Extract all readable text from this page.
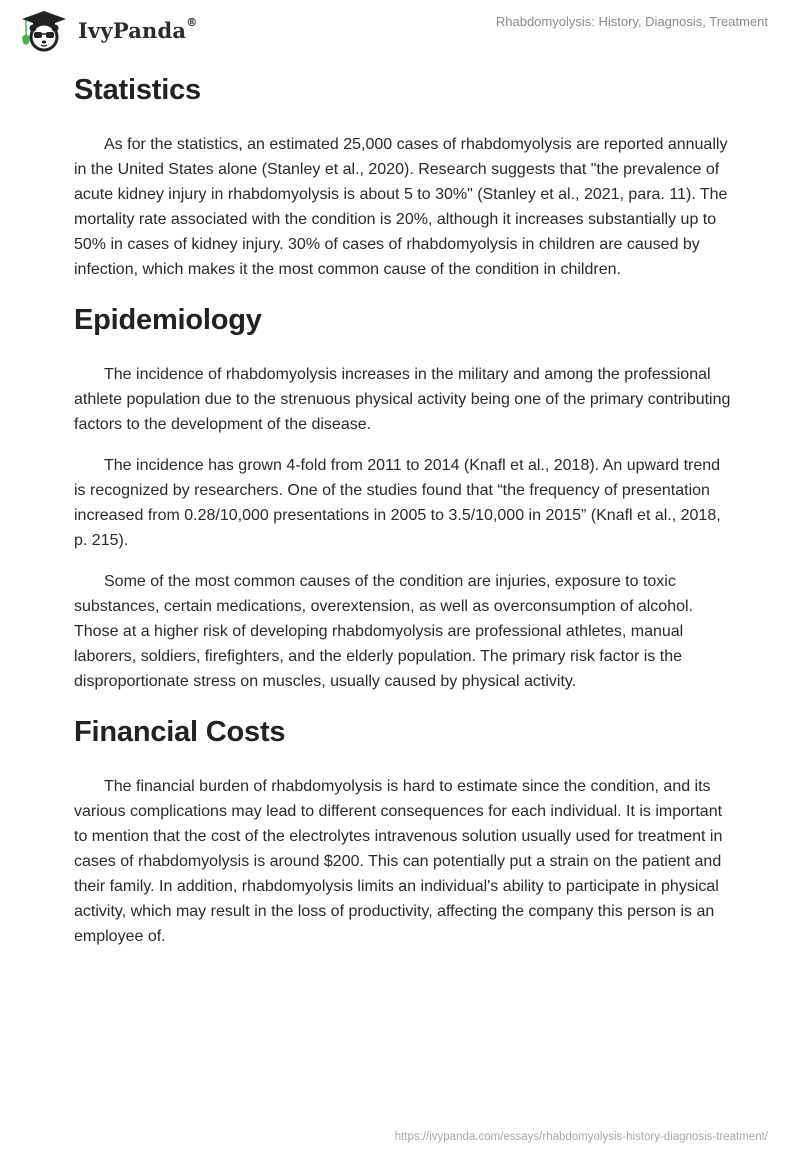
IvyPanda®	Rhabdomyolysis: History, Diagnosis, Treatment
Statistics

As for the statistics, an estimated 25,000 cases of rhabdomyolysis are reported annually in the United States alone (Stanley et al., 2020). Research suggests that "the prevalence of acute kidney injury in rhabdomyolysis is about 5 to 30%" (Stanley et al., 2021, para. 11). The mortality rate associated with the condition is 20%, although it increases substantially up to 50% in cases of kidney injury. 30% of cases of rhabdomyolysis in children are caused by infection, which makes it the most common cause of the condition in children.

Epidemiology

The incidence of rhabdomyolysis increases in the military and among the professional athlete population due to the strenuous physical activity being one of the primary contributing factors to the development of the disease.

The incidence has grown 4-fold from 2011 to 2014 (Knafl et al., 2018). An upward trend is recognized by researchers. One of the studies found that “the frequency of presentation increased from 0.28/10,000 presentations in 2005 to 3.5/10,000 in 2015” (Knafl et al., 2018, p. 215).

Some of the most common causes of the condition are injuries, exposure to toxic substances, certain medications, overextension, as well as overconsumption of alcohol. Those at a higher risk of developing rhabdomyolysis are professional athletes, manual laborers, soldiers, firefighters, and the elderly population. The primary risk factor is the disproportionate stress on muscles, usually caused by physical activity.

Financial Costs

The financial burden of rhabdomyolysis is hard to estimate since the condition, and its various complications may lead to different consequences for each individual. It is important to mention that the cost of the electrolytes intravenous solution usually used for treatment in cases of rhabdomyolysis is around $200. This can potentially put a strain on the patient and their family. In addition, rhabdomyolysis limits an individual's ability to participate in physical activity, which may result in the loss of productivity, affecting the company this person is an employee of.

https://ivypanda.com/essays/rhabdomyolysis-history-diagnosis-treatment/
